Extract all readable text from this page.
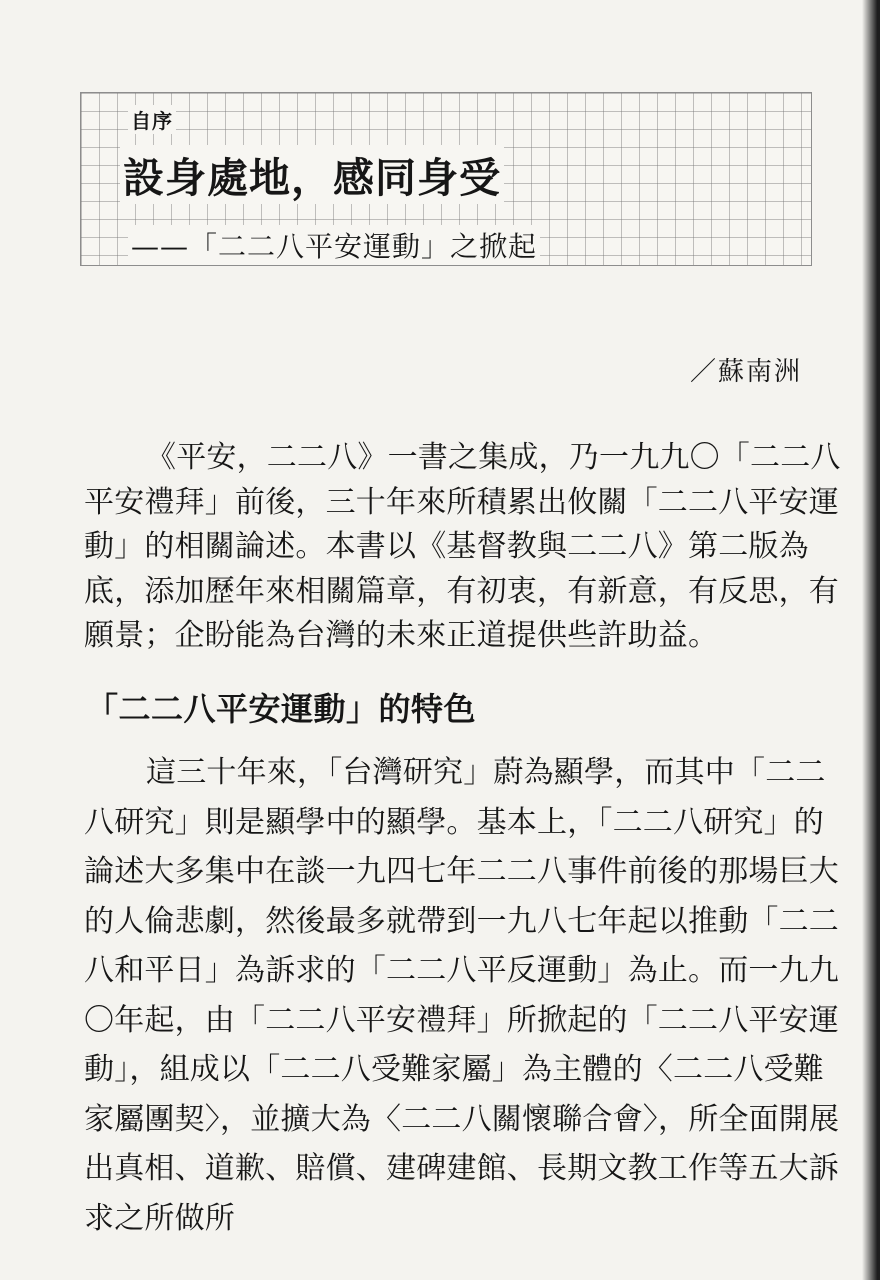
自序
設身處地，感同身受
——「二二八平安運動」之掀起
／蘇南洲
《平安，二二八》一書之集成，乃一九九〇「二二八平安禮拜」前後，三十年來所積累出攸關「二二八平安運動」的相關論述。本書以《基督教與二二八》第二版為底，添加歷年來相關篇章，有初衷，有新意，有反思，有願景；企盼能為台灣的未來正道提供些許助益。
「二二八平安運動」的特色
這三十年來，「台灣研究」蔚為顯學，而其中「二二八研究」則是顯學中的顯學。基本上，「二二八研究」的論述大多集中在談一九四七年二二八事件前後的那場巨大的人倫悲劇，然後最多就帶到一九八七年起以推動「二二八和平日」為訴求的「二二八平反運動」為止。而一九九〇年起，由「二二八平安禮拜」所掀起的「二二八平安運動」，組成以「二二八受難家屬」為主體的〈二二八受難家屬團契〉，並擴大為〈二二八關懷聯合會〉，所全面開展出真相、道歉、賠償、建碑建館、長期文教工作等五大訴求之所做所
